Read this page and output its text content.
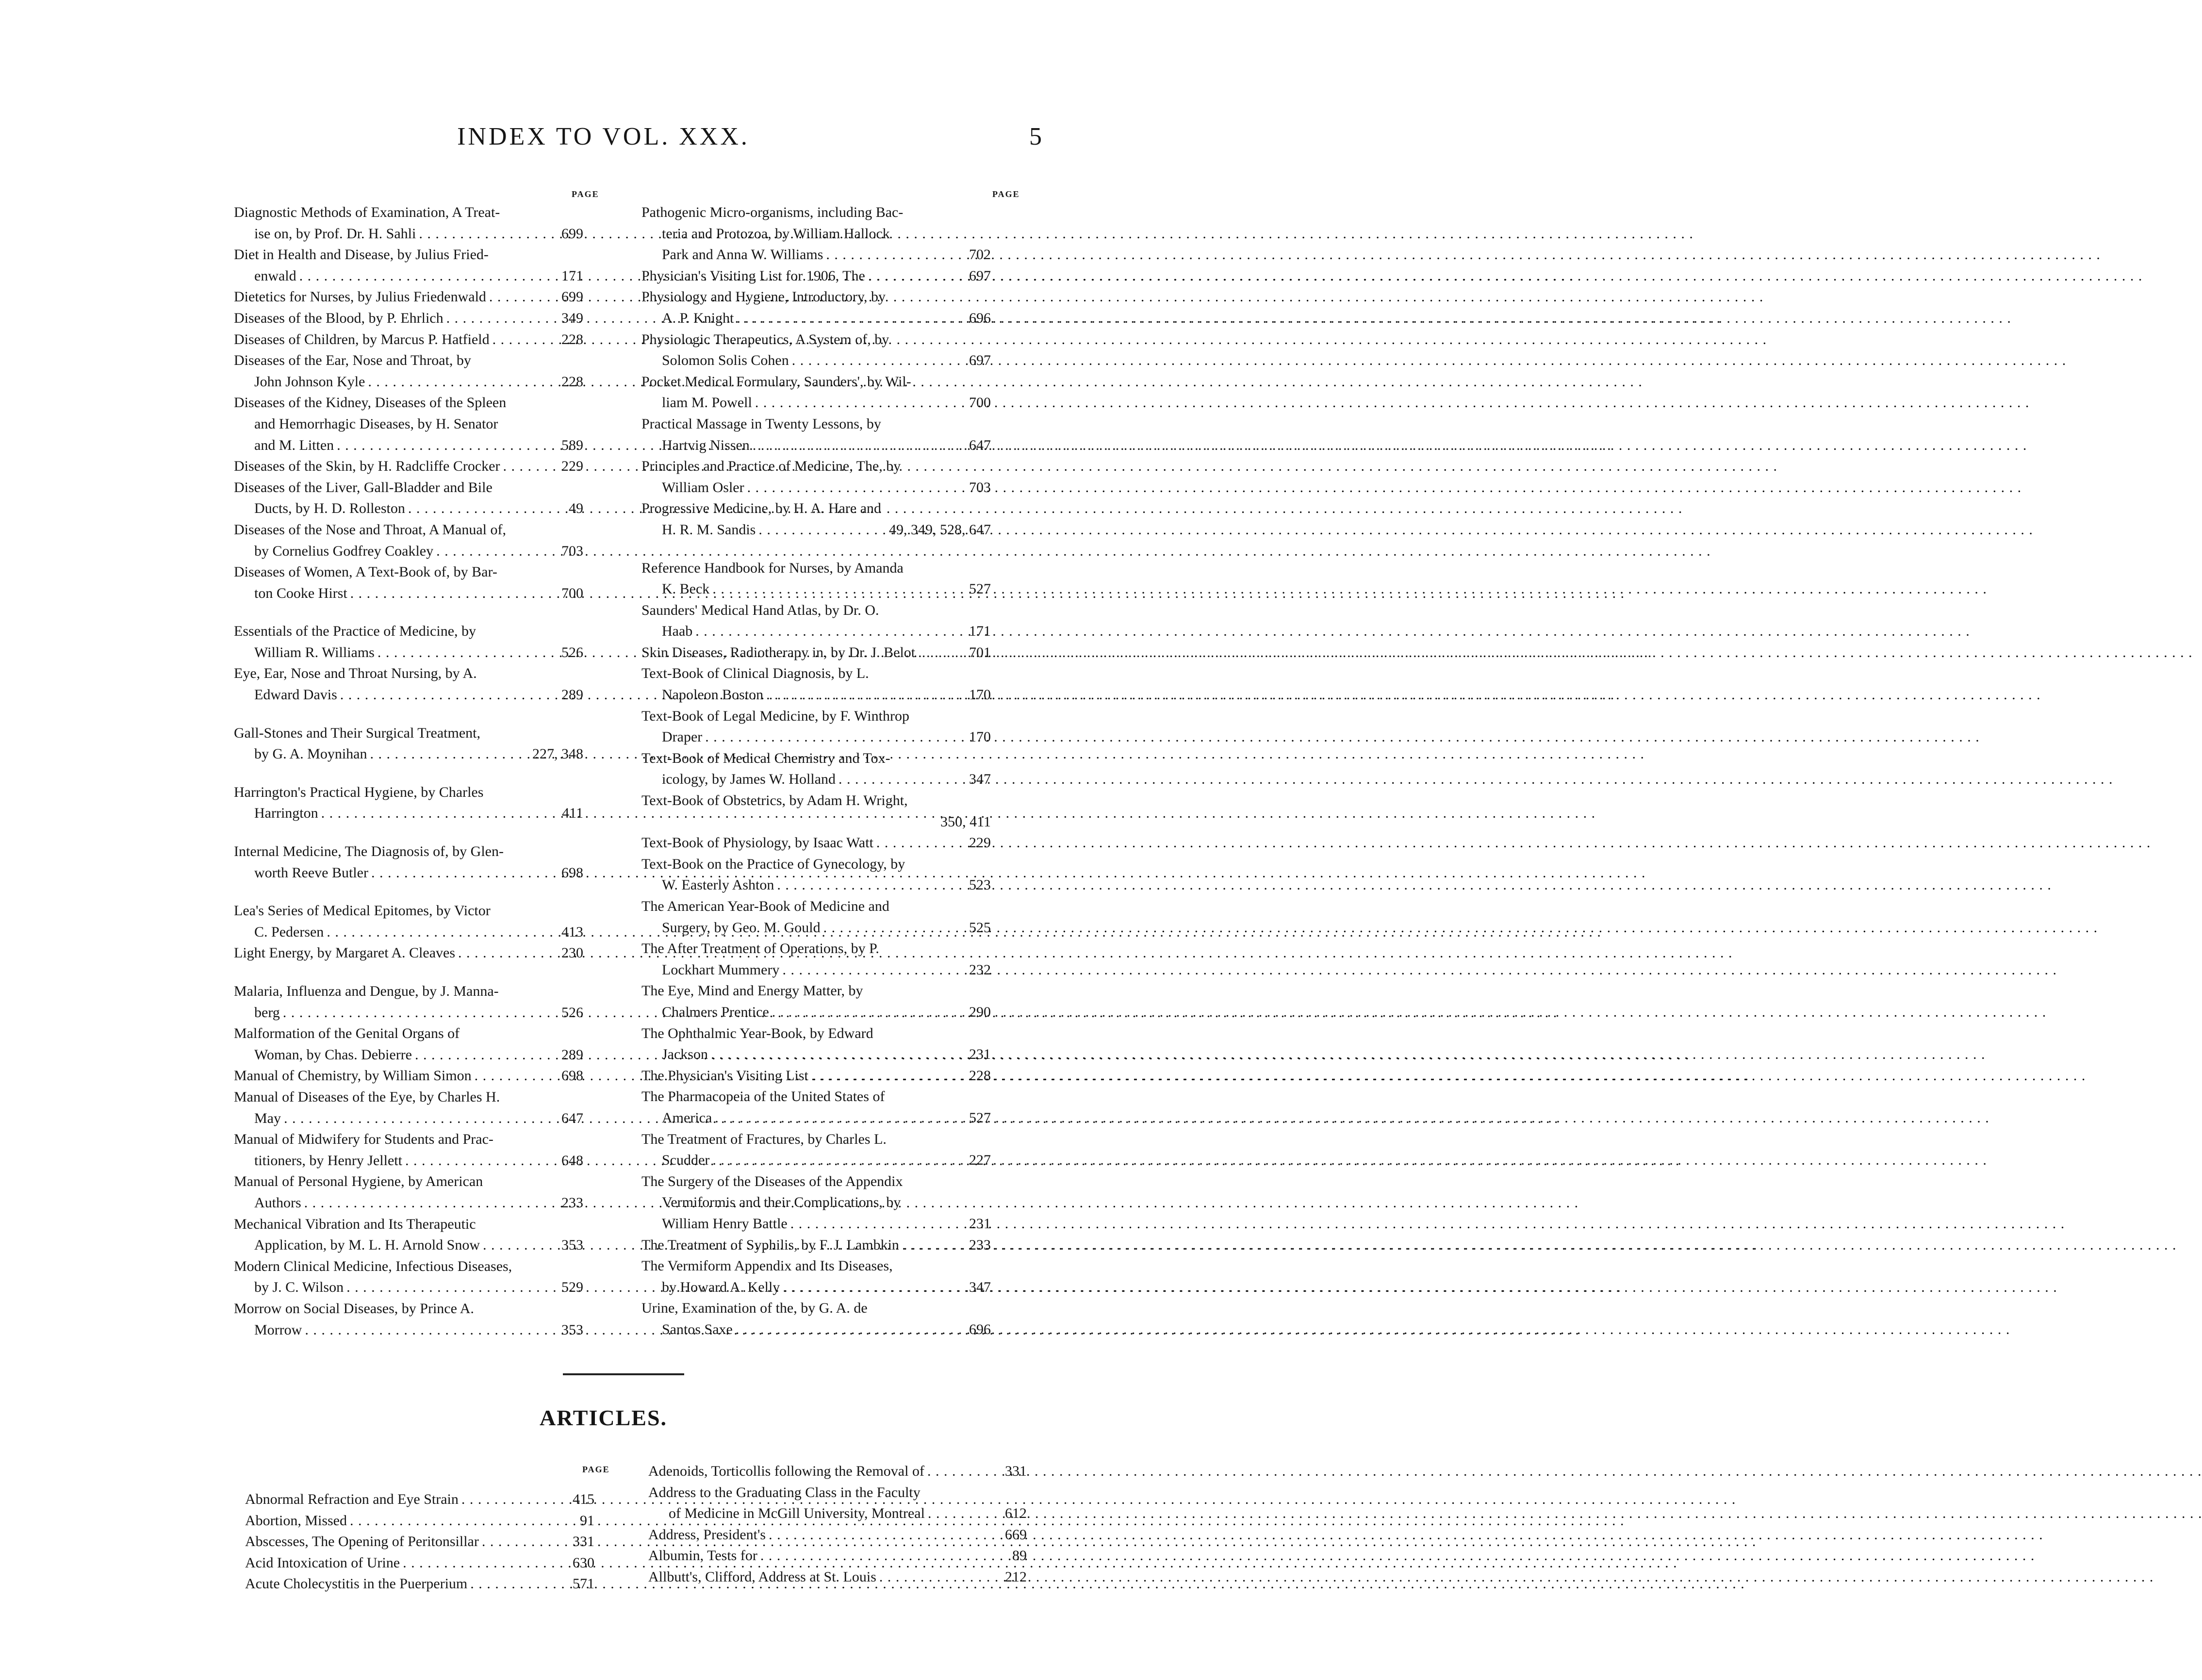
INDEX TO VOL. XXX.	5
PAGE	PAGE
Diagnostic Methods of Examination, A Treat-
ise on, by Prof. Dr. H. Sahli . . .	699
Diet in Health and Disease, by Julius Fried-
enwald . . .	171
Dietetics for Nurses, by Julius Friedenwald . . .	699
Diseases of the Blood, by P. Ehrlich . . .	349
Diseases of Children, by Marcus P. Hatfield . . .	228
Diseases of the Ear, Nose and Throat, by
John Johnson Kyle . . .	228
Diseases of the Kidney, Diseases of the Spleen
and Hemorrhagic Diseases, by H. Senator
and M. Litten . . .	589
Diseases of the Skin, by H. Radcliffe Crocker . . .	229
Diseases of the Liver, Gall-Bladder and Bile
Ducts, by H. D. Rolleston . . .	49
Diseases of the Nose and Throat, A Manual of,
by Cornelius Godfrey Coakley . . .	703
Diseases of Women, A Text-Book of, by Bar-
ton Cooke Hirst . . .	700
Essentials of the Practice of Medicine, by
William R. Williams . . .	526
Eye, Ear, Nose and Throat Nursing, by A.
Edward Davis . . .	289
Gall-Stones and Their Surgical Treatment,
by G. A. Moynihan . . .	227, 348
Harrington's Practical Hygiene, by Charles
Harrington . . .	411
Internal Medicine, The Diagnosis of, by Glen-
worth Reeve Butler . . .	698
Lea's Series of Medical Epitomes, by Victor
C. Pedersen . . .	413
Light Energy, by Margaret A. Cleaves . . .	230
Malaria, Influenza and Dengue, by J. Manna-
berg . . .	526
Malformation of the Genital Organs of
Woman, by Chas. Debierre . . .	289
Manual of Chemistry, by William Simon . . .	698
Manual of Diseases of the Eye, by Charles H.
May . . .	647
Manual of Midwifery for Students and Prac-
titioners, by Henry Jellett . . .	648
Manual of Personal Hygiene, by American
Authors . . .	233
Mechanical Vibration and Its Therapeutic
Application, by M. L. H. Arnold Snow . . .	353
Modern Clinical Medicine, Infectious Diseases,
by J. C. Wilson . . .	529
Morrow on Social Diseases, by Prince A.
Morrow . . .	353
Pathogenic Micro-organisms, including Bac-
teria and Protozoa, by William Hallock
Park and Anna W. Williams . . .	702
Physician's Visiting List for 1906, The . . .	697
Physiology and Hygiene, Introductory, by
A. P. Knight . . .	696
Physiologic Therapeutics, A System of, by
Solomon Solis Cohen . . .	697
Pocket Medical Formulary, Saunders', by Wil-
liam M. Powell . . .	700
Practical Massage in Twenty Lessons, by
Hartvig Nissen . . .	647
Principles and Practice of Medicine, The, by
William Osler . . .	703
Progressive Medicine, by H. A. Hare and
H. R. M. Sandis . . .	49, 349, 528, 647
Reference Handbook for Nurses, by Amanda
K. Beck . . .	527
Saunders' Medical Hand Atlas, by Dr. O.
Haab . . .	171
Skin Diseases, Radiotherapy in, by Dr. J. Belot . . .	701
Text-Book of Clinical Diagnosis, by L.
Napoleon Boston . . .	170
Text-Book of Legal Medicine, by F. Winthrop
Draper . . .	170
Text-Book of Medical Chemistry and Tox-
icology, by James W. Holland . . .	347
Text-Book of Obstetrics, by Adam H. Wright,
350, 411
Text-Book of Physiology, by Isaac Watt . . .	229
Text-Book on the Practice of Gynecology, by
W. Easterly Ashton . . .	523
The American Year-Book of Medicine and
Surgery, by Geo. M. Gould . . .	525
The After Treatment of Operations, by P.
Lockhart Mummery . . .	232
The Eye, Mind and Energy Matter, by
Chalmers Prentice . . .	290
The Ophthalmic Year-Book, by Edward
Jackson . . .	231
The Physician's Visiting List . . .	228
The Pharmacopeia of the United States of
America . . .	527
The Treatment of Fractures, by Charles L.
Scudder . . .	227
The Surgery of the Diseases of the Appendix
Vermiformis and their Complications, by
William Henry Battle . . .	231
The Treatment of Syphilis, by F. J. Lambkin . . .	233
The Vermiform Appendix and Its Diseases,
by Howard A. Kelly . . .	347
Urine, Examination of the, by G. A. de
Santos Saxe . . .	696
ARTICLES.
PAGE
Abnormal Refraction and Eye Strain . . .	415
Abortion, Missed . . .	91
Abscesses, The Opening of Peritonsillar . . .	331
Acid Intoxication of Urine . . .	630
Acute Cholecystitis in the Puerperium . . .	571
Adenoids, Torticollis following the Removal of . . .	331
Address to the Graduating Class in the Faculty
of Medicine in McGill University, Montreal . . .	612
Address, President's . . .	669
Albumin, Tests for . . .	89
Allbutt's, Clifford, Address at St. Louis . . .	212
